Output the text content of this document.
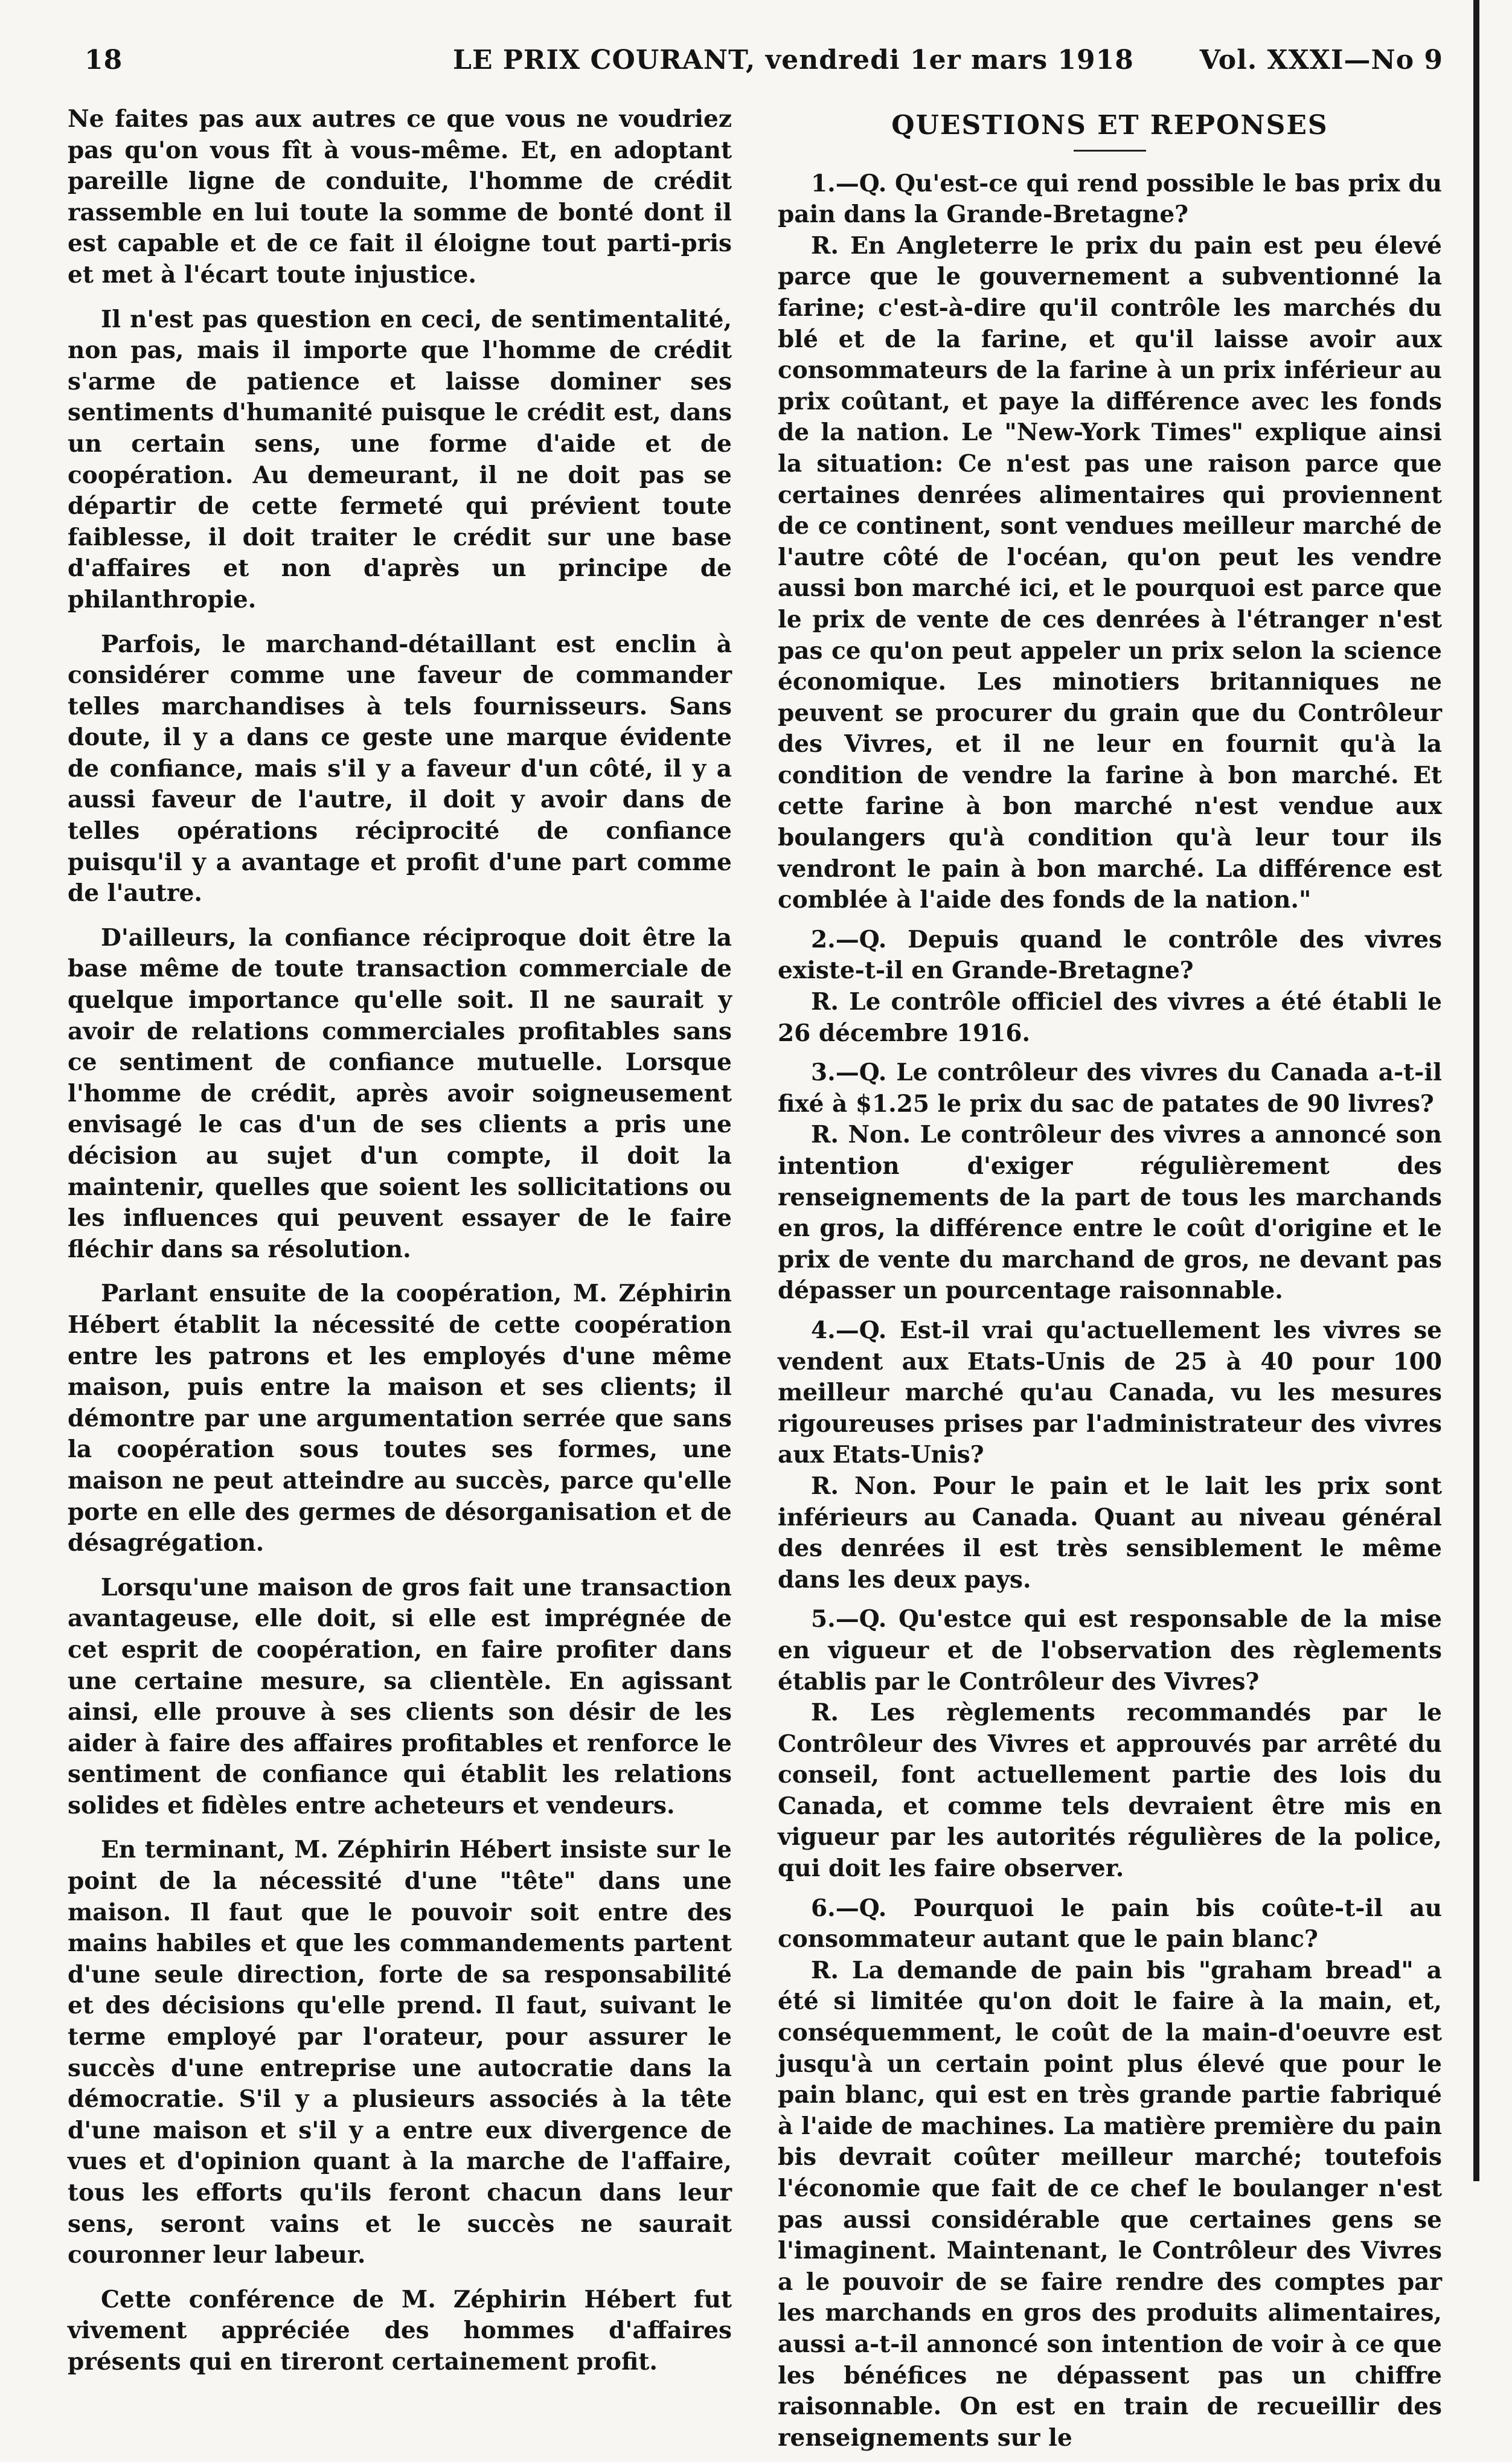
18	LE PRIX COURANT, vendredi 1er mars 1918 Vol. XXXI—No 9

Ne faites pas aux autres ce que vous ne voudriez pas qu'on vous fît à vous-même. Et, en adoptant pareille ligne de conduite, l'homme de crédit rassemble en lui toute la somme de bonté dont il est capable et de ce fait il éloigne tout parti-pris et met à l'écart toute injustice.

Il n'est pas question en ceci, de sentimentalité, non pas, mais il importe que l'homme de crédit s'arme de patience et laisse dominer ses sentiments d'humanité puisque le crédit est, dans un certain sens, une forme d'aide et de coopération. Au demeurant, il ne doit pas se départir de cette fermeté qui prévient toute faiblesse, il doit traiter le crédit sur une base d'affaires et non d'après un principe de philanthropie.

Parfois, le marchand-détaillant est enclin à considérer comme une faveur de commander telles marchandises à tels fournisseurs. Sans doute, il y a dans ce geste une marque évidente de confiance, mais s'il y a faveur d'un côté, il y a aussi faveur de l'autre, il doit y avoir dans de telles opérations réciprocité de confiance puisqu'il y a avantage et profit d'une part comme de l'autre.

D'ailleurs, la confiance réciproque doit être la base même de toute transaction commerciale de quelque importance qu'elle soit. Il ne saurait y avoir de relations commerciales profitables sans ce sentiment de confiance mutuelle. Lorsque l'homme de crédit, après avoir soigneusement envisagé le cas d'un de ses clients a pris une décision au sujet d'un compte, il doit la maintenir, quelles que soient les sollicitations ou les influences qui peuvent essayer de le faire fléchir dans sa résolution.

Parlant ensuite de la coopération, M. Zéphirin Hébert établit la nécessité de cette coopération entre les patrons et les employés d'une même maison, puis entre la maison et ses clients; il démontre par une argumentation serrée que sans la coopération sous toutes ses formes, une maison ne peut atteindre au succès, parce qu'elle porte en elle des germes de désorganisation et de désagrégation.

Lorsqu'une maison de gros fait une transaction avantageuse, elle doit, si elle est imprégnée de cet esprit de coopération, en faire profiter dans une certaine mesure, sa clientèle. En agissant ainsi, elle prouve à ses clients son désir de les aider à faire des affaires profitables et renforce le sentiment de confiance qui établit les relations solides et fidèles entre acheteurs et vendeurs.

En terminant, M. Zéphirin Hébert insiste sur le point de la nécessité d'une "tête" dans une maison. Il faut que le pouvoir soit entre des mains habiles et que les commandements partent d'une seule direction, forte de sa responsabilité et des décisions qu'elle prend. Il faut, suivant le terme employé par l'orateur, pour assurer le succès d'une entreprise une autocratie dans la démocratie. S'il y a plusieurs associés à la tête d'une maison et s'il y a entre eux divergence de vues et d'opinion quant à la marche de l'affaire, tous les efforts qu'ils feront chacun dans leur sens, seront vains et le succès ne saurait couronner leur labeur.

Cette conférence de M. Zéphirin Hébert fut vivement appréciée des hommes d'affaires présents qui en tireront certainement profit.

QUESTIONS ET REPONSES

1.—Q. Qu'est-ce qui rend possible le bas prix du pain dans la Grande-Bretagne?

R. En Angleterre le prix du pain est peu élevé parce que le gouvernement a subventionné la farine; c'est-à-dire qu'il contrôle les marchés du blé et de la farine, et qu'il laisse avoir aux consommateurs de la farine à un prix inférieur au prix coûtant, et paye la différence avec les fonds de la nation. Le "New-York Times" explique ainsi la situation: Ce n'est pas une raison parce que certaines denrées alimentaires qui proviennent de ce continent, sont vendues meilleur marché de l'autre côté de l'océan, qu'on peut les vendre aussi bon marché ici, et le pourquoi est parce que le prix de vente de ces denrées à l'étranger n'est pas ce qu'on peut appeler un prix selon la science économique. Les minotiers britanniques ne peuvent se procurer du grain que du Contrôleur des Vivres, et il ne leur en fournit qu'à la condition de vendre la farine à bon marché. Et cette farine à bon marché n'est vendue aux boulangers qu'à condition qu'à leur tour ils vendront le pain à bon marché. La différence est comblée à l'aide des fonds de la nation."

2.—Q. Depuis quand le contrôle des vivres existe-t-il en Grande-Bretagne?

R. Le contrôle officiel des vivres a été établi le 26 décembre 1916.

3.—Q. Le contrôleur des vivres du Canada a-t-il fixé à $1.25 le prix du sac de patates de 90 livres?

R. Non. Le contrôleur des vivres a annoncé son intention d'exiger régulièrement des renseignements de la part de tous les marchands en gros, la différence entre le coût d'origine et le prix de vente du marchand de gros, ne devant pas dépasser un pourcentage raisonnable.

4.—Q. Est-il vrai qu'actuellement les vivres se vendent aux Etats-Unis de 25 à 40 pour 100 meilleur marché qu'au Canada, vu les mesures rigoureuses prises par l'administrateur des vivres aux Etats-Unis?

R. Non. Pour le pain et le lait les prix sont inférieurs au Canada. Quant au niveau général des denrées il est très sensiblement le même dans les deux pays.

5.—Q. Qu'estce qui est responsable de la mise en vigueur et de l'observation des règlements établis par le Contrôleur des Vivres?

R. Les règlements recommandés par le Contrôleur des Vivres et approuvés par arrêté du conseil, font actuellement partie des lois du Canada, et comme tels devraient être mis en vigueur par les autorités régulières de la police, qui doit les faire observer.

6.—Q. Pourquoi le pain bis coûte-t-il au consommateur autant que le pain blanc?

R. La demande de pain bis "graham bread" a été si limitée qu'on doit le faire à la main, et, conséquemment, le coût de la main-d'oeuvre est jusqu'à un certain point plus élevé que pour le pain blanc, qui est en très grande partie fabriqué à l'aide de machines. La matière première du pain bis devrait coûter meilleur marché; toutefois l'économie que fait de ce chef le boulanger n'est pas aussi considérable que certaines gens se l'imaginent. Maintenant, le Contrôleur des Vivres a le pouvoir de se faire rendre des comptes par les marchands en gros des produits alimentaires, aussi a-t-il annoncé son intention de voir à ce que les bénéfices ne dépassent pas un chiffre raisonnable. On est en train de recueillir des renseignements sur le
